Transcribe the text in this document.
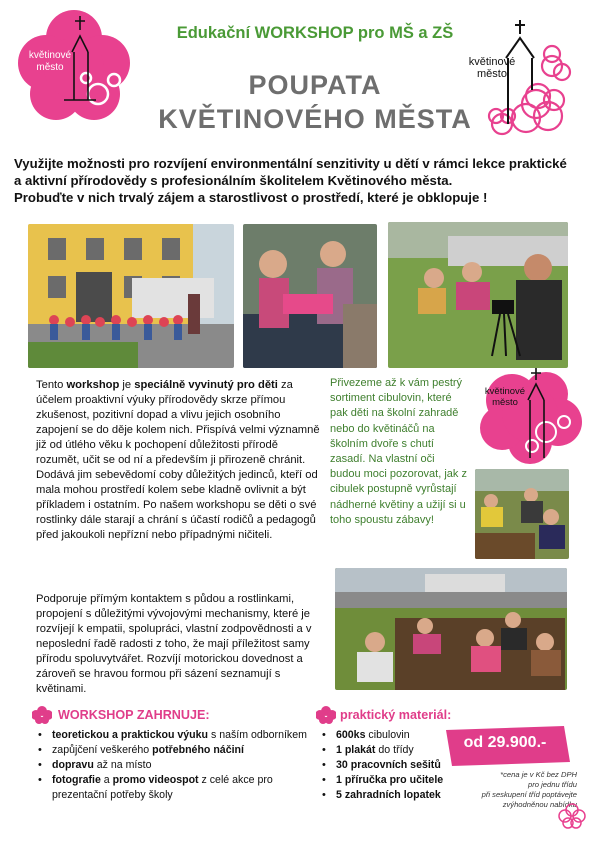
květinové
město	květinové
město
Edukační WORKSHOP pro MŠ a ZŠ
POUPATA
KVĚTINOVÉHO MĚSTA
Využijte možnosti pro rozvíjení environmentální senzitivity u dětí v rámci lekce praktické
a aktivní přírodovědy s profesionálním školitelem Květinového města.
Probuďte v nich trvalý zájem a starostlivost o prostředí, které je obklopuje !
květinové
město

Tento workshop je speciálně vyvinutý pro děti za účelem proaktivní výuky přírodovědy skrze přímou zkušenost, pozitivní dopad a vlivu jejich osobního zapojení se do děje kolem nich. Přispívá velmi významně již od útlého věku k pochopení důležitosti přírodě rozumět, učit se od ní a především ji přirozeně chránit.

Dodává jim sebevědomí coby důležitých jedinců, kteří od mala mohou prostředí kolem sebe kladně ovlivnit a být příkladem i ostatním. Po našem workshopu se děti o své rostlinky dále starají a chrání s účastí rodičů a pedagogů před jakoukoli nepřízní nebo případnými ničiteli.

Podporuje přímým kontaktem s půdou a rostlinkami, propojení s důležitými vývojovými mechanismy, které je rozvíjejí k empatii, spolupráci, vlastní zodpovědnosti a v neposlední řadě radosti z toho, že mají příležitost samy přírodu spoluvytvářet. Rozvíjí motorickou dovednost a zároveň se hravou formou při sázení seznamují s květinami.
Přivezeme až k vám pestrý sortiment cibulovin, které pak děti na školní zahradě nebo do květináčů na školním dvoře s chutí zasadí. Na vlastní oči budou moci pozorovat, jak z cibulek postupně vyrůstají nádherné květiny a užijí si u toho spoustu zábavy!
WORKSHOP ZAHRNUJE:
• teoretickou a praktickou výuku s naším odborníkem
• zapůjčení veškerého potřebného náčiní
• dopravu až na místo
• fotografie a promo videospot z celé akce pro prezentační potřeby školy
praktický materiál:
• 600ks cibulovin
• 1 plakát do třídy
• 30 pracovních sešitů
• 1 příručka pro učitele
• 5 zahradních lopatek
od 29.900.-
*cena je v Kč bez DPH
pro jednu třídu
při seskupení tříd poptávejte
zvýhodněnou nabídku
